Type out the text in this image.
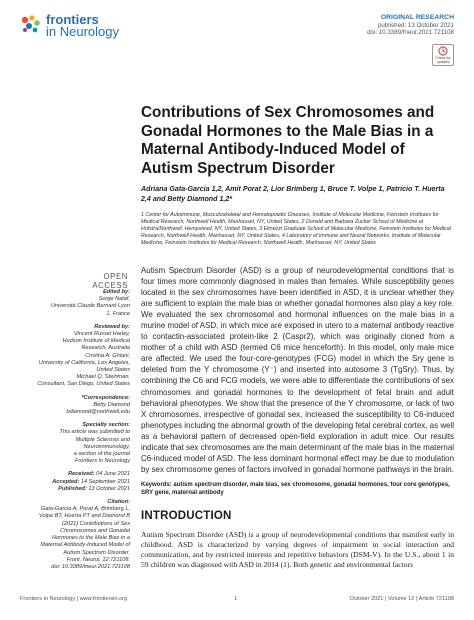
frontiers
in Neurology
ORIGINAL RESEARCH
published: 13 October 2021
doi: 10.3389/fneur.2021.721108
Check for updates
Contributions of Sex Chromosomes and Gonadal Hormones to the Male Bias in a Maternal Antibody-Induced Model of Autism Spectrum Disorder
Adriana Gata-Garcia 1,2, Amit Porat 2, Lior Brimberg 1, Bruce T. Volpe 1, Patricio T. Huerta 2,4 and Betty Diamond 1,2*
1 Center for Autoimmune, Musculoskeletal and Hematopoietic Diseases, Institute of Molecular Medicine, Feinstein Institutes for Medical Research, Northwell Health, Manhasset, NY, United States, 2 Donald and Barbara Zucker School of Medicine at Hofstra/Northwell, Hempstead, NY, United States, 3 Elmezzi Graduate School of Molecular Medicine, Feinstein Institutes for Medical Research, Northwell Health, Manhasset, NY, United States, 4 Laboratory of Immune and Neural Networks, Institute of Molecular Medicine, Feinstein Institutes for Medical Research, Northwell Health, Manhasset, NY, United States
OPEN ACCESS
Edited by:
Serge Nataf,
Université Claude Bernard Lyon
1, France
Reviewed by:
Vincent Russel Harley,
Hudson Institute of Medical
Research, Australia
Cristina A. Ghiani,
University of California, Los Angeles,
United States
Michael Q. Steinman,
Consultant, San Diego, United States
*Correspondence:
Betty Diamond
bdiamond@northwell.edu
Specialty section:
This article was submitted to
Multiple Sclerosis and
Neuroimmunology,
a section of the journal
Frontiers in Neurology
Received: 04 June 2021
Accepted: 14 September 2021
Published: 13 October 2021
Citation:
Gata-Garcia A, Porat A, Brimberg L,
Volpe BT, Huerta PT and Diamond B
(2021) Contributions of Sex
Chromosomes and Gonadal
Hormones to the Male Bias in a
Maternal Antibody-Induced Model of
Autism Spectrum Disorder.
Front. Neurol. 12:721108.
doi: 10.3389/fneur.2021.721108
Autism Spectrum Disorder (ASD) is a group of neurodevelopmental conditions that is four times more commonly diagnosed in males than females. While susceptibility genes located in the sex chromosomes have been identified in ASD, it is unclear whether they are sufficient to explain the male bias or whether gonadal hormones also play a key role. We evaluated the sex chromosomal and hormonal influences on the male bias in a murine model of ASD, in which mice are exposed in utero to a maternal antibody reactive to contactin-associated protein-like 2 (Caspr2), which was originally cloned from a mother of a child with ASD (termed C6 mice henceforth). In this model, only male mice are affected. We used the four-core-genotypes (FCG) model in which the Sry gene is deleted from the Y chromosome (Y⁻) and inserted into autosome 3 (TgSry). Thus, by combining the C6 and FCG models, we were able to differentiate the contributions of sex chromosomes and gonadal hormones to the development of fetal brain and adult behavioral phenotypes. We show that the presence of the Y chromosome, or lack of two X chromosomes, irrespective of gonadal sex, increased the susceptibility to C6-induced phenotypes including the abnormal growth of the developing fetal cerebral cortex, as well as a behavioral pattern of decreased open-field exploration in adult mice. Our results indicate that sex chromosomes are the main determinant of the male bias in the maternal C6-induced model of ASD. The less dominant hormonal effect may be due to modulation by sex chromosome genes of factors involved in gonadal hormone pathways in the brain.
Keywords: autism spectrum disorder, male bias, sex chromosome, gonadal hormones, four core genotypes, SRY gene, maternal antibody
INTRODUCTION
Autism Spectrum Disorder (ASD) is a group of neurodevelopmental conditions that manifest early in childhood. ASD is characterized by varying degrees of impairment in social interaction and communication, and by restricted interests and repetitive behaviors (DSM-V). In the U.S., about 1 in 59 children was diagnosed with ASD in 2014 (1). Both genetic and environmental factors
Frontiers in Neurology | www.frontiersin.org	1	October 2021 | Volume 12 | Article 721108
